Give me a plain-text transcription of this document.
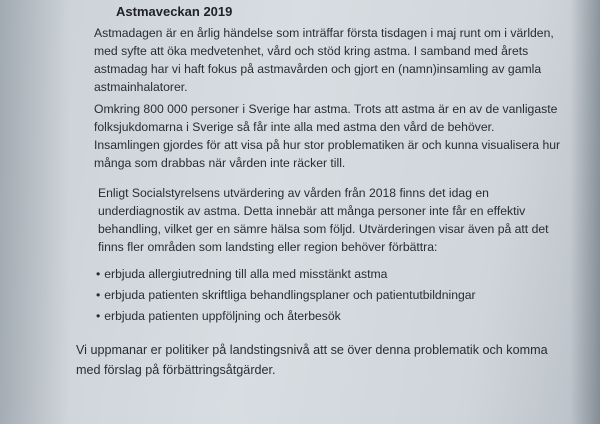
Astmaveckan 2019
Astmadagen är en årlig händelse som inträffar första tisdagen i maj runt om i världen, med syfte att öka medvetenhet, vård och stöd kring astma. I samband med årets astmadag har vi haft fokus på astmavården och gjort en (namn)insamling av gamla astmainhalatorer.
Omkring 800 000 personer i Sverige har astma. Trots att astma är en av de vanligaste folksjukdomarna i Sverige så får inte alla med astma den vård de behöver.
Insamlingen gjordes för att visa på hur stor problematiken är och kunna visualisera hur många som drabbas när vården inte räcker till.
Enligt Socialstyrelsens utvärdering av vården från 2018 finns det idag en underdiagnostik av astma. Detta innebär att många personer inte får en effektiv behandling, vilket ger en sämre hälsa som följd. Utvärderingen visar även på att det finns fler områden som landsting eller region behöver förbättra:
• erbjuda allergiutredning till alla med misstänkt astma
• erbjuda patienten skriftliga behandlingsplaner och patientutbildningar
• erbjuda patienten uppföljning och återbesök
Vi uppmanar er politiker på landstingsnivå att se över denna problematik och komma med förslag på förbättringsåtgärder.
